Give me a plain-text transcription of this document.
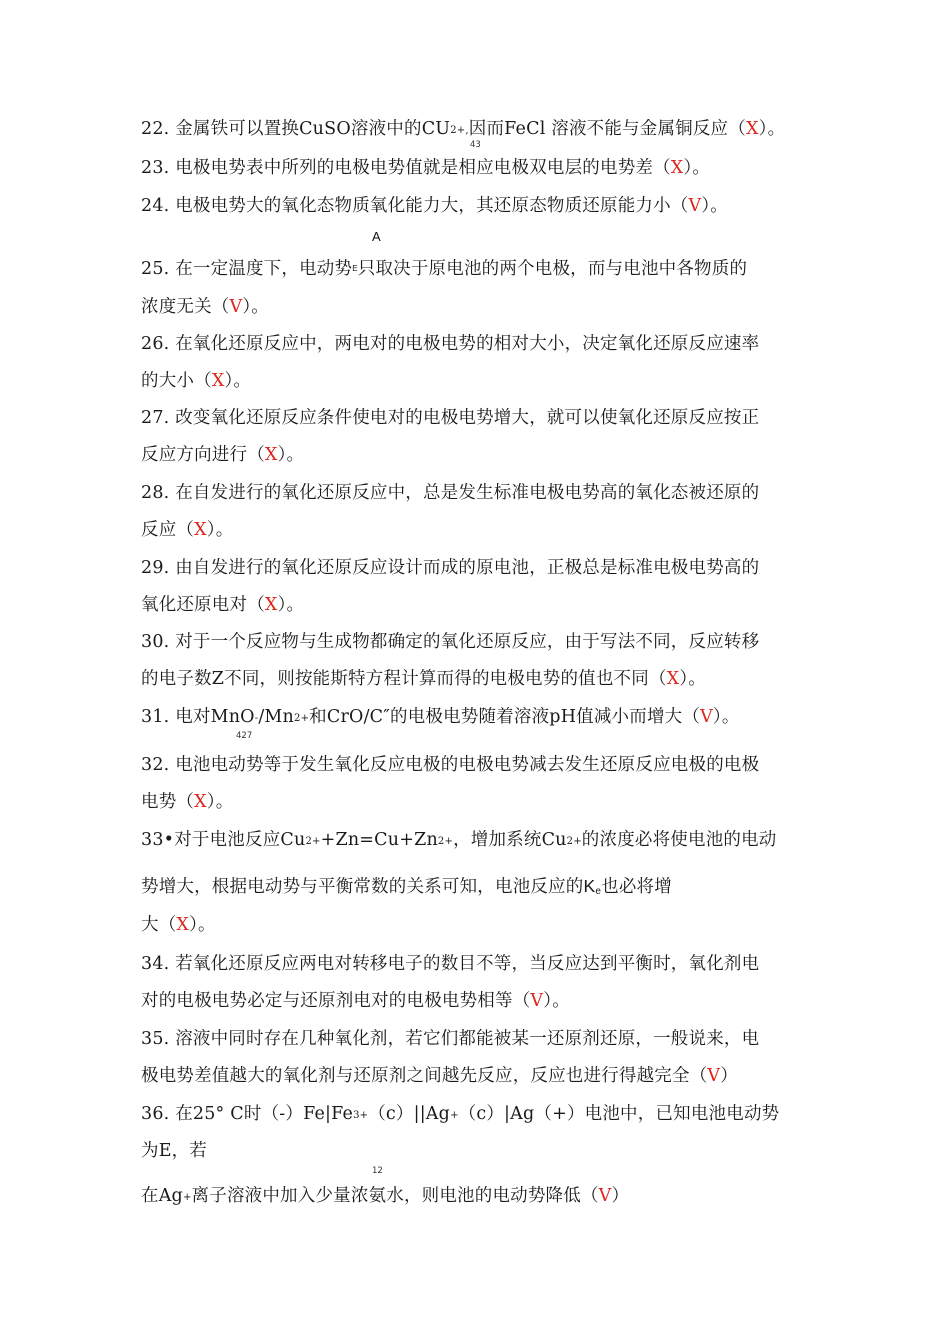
22. 金属铁可以置换CuSO溶液中的CU2+,因而FeCl 溶液不能与金属铜反应（X）。
43
23. 电极电势表中所列的电极电势值就是相应电极双电层的电势差（X）。
24. 电极电势大的氧化态物质氧化能力大，其还原态物质还原能力小（V）。
A
25. 在一定温度下，电动势E只取决于原电池的两个电极，而与电池中各物质的
浓度无关（V）。
26. 在氧化还原反应中，两电对的电极电势的相对大小，决定氧化还原反应速率
的大小（X）。
27. 改变氧化还原反应条件使电对的电极电势增大，就可以使氧化还原反应按正
反应方向进行（X）。
28. 在自发进行的氧化还原反应中，总是发生标准电极电势高的氧化态被还原的
反应（X）。
29. 由自发进行的氧化还原反应设计而成的原电池，正极总是标准电极电势高的
氧化还原电对（X）。
30. 对于一个反应物与生成物都确定的氧化还原反应，由于写法不同，反应转移
的电子数Z不同，则按能斯特方程计算而得的电极电势的值也不同（X）。
31. 电对MnO-/Mn2+和CrO/C″的电极电势随着溶液pH值减小而增大（V）。
427
32. 电池电动势等于发生氧化反应电极的电极电势减去发生还原反应电极的电极
电势（X）。
33•对于电池反应Cu2++Zn=Cu+Zn2+，增加系统Cu2+的浓度必将使电池的电动
势增大，根据电动势与平衡常数的关系可知，电池反应的Ke也必将增
大（X）。
34. 若氧化还原反应两电对转移电子的数目不等，当反应达到平衡时，氧化剂电
对的电极电势必定与还原剂电对的电极电势相等（V）。
35. 溶液中同时存在几种氧化剂，若它们都能被某一还原剂还原，一般说来，电
极电势差值越大的氧化剂与还原剂之间越先反应，反应也进行得越完全（V）
36. 在25° C时（-）Fe|Fe3+（c）||Ag+（c）|Ag（+）电池中，已知电池电动势
为E，若
12
在Ag+离子溶液中加入少量浓氨水，则电池的电动势降低（V）
